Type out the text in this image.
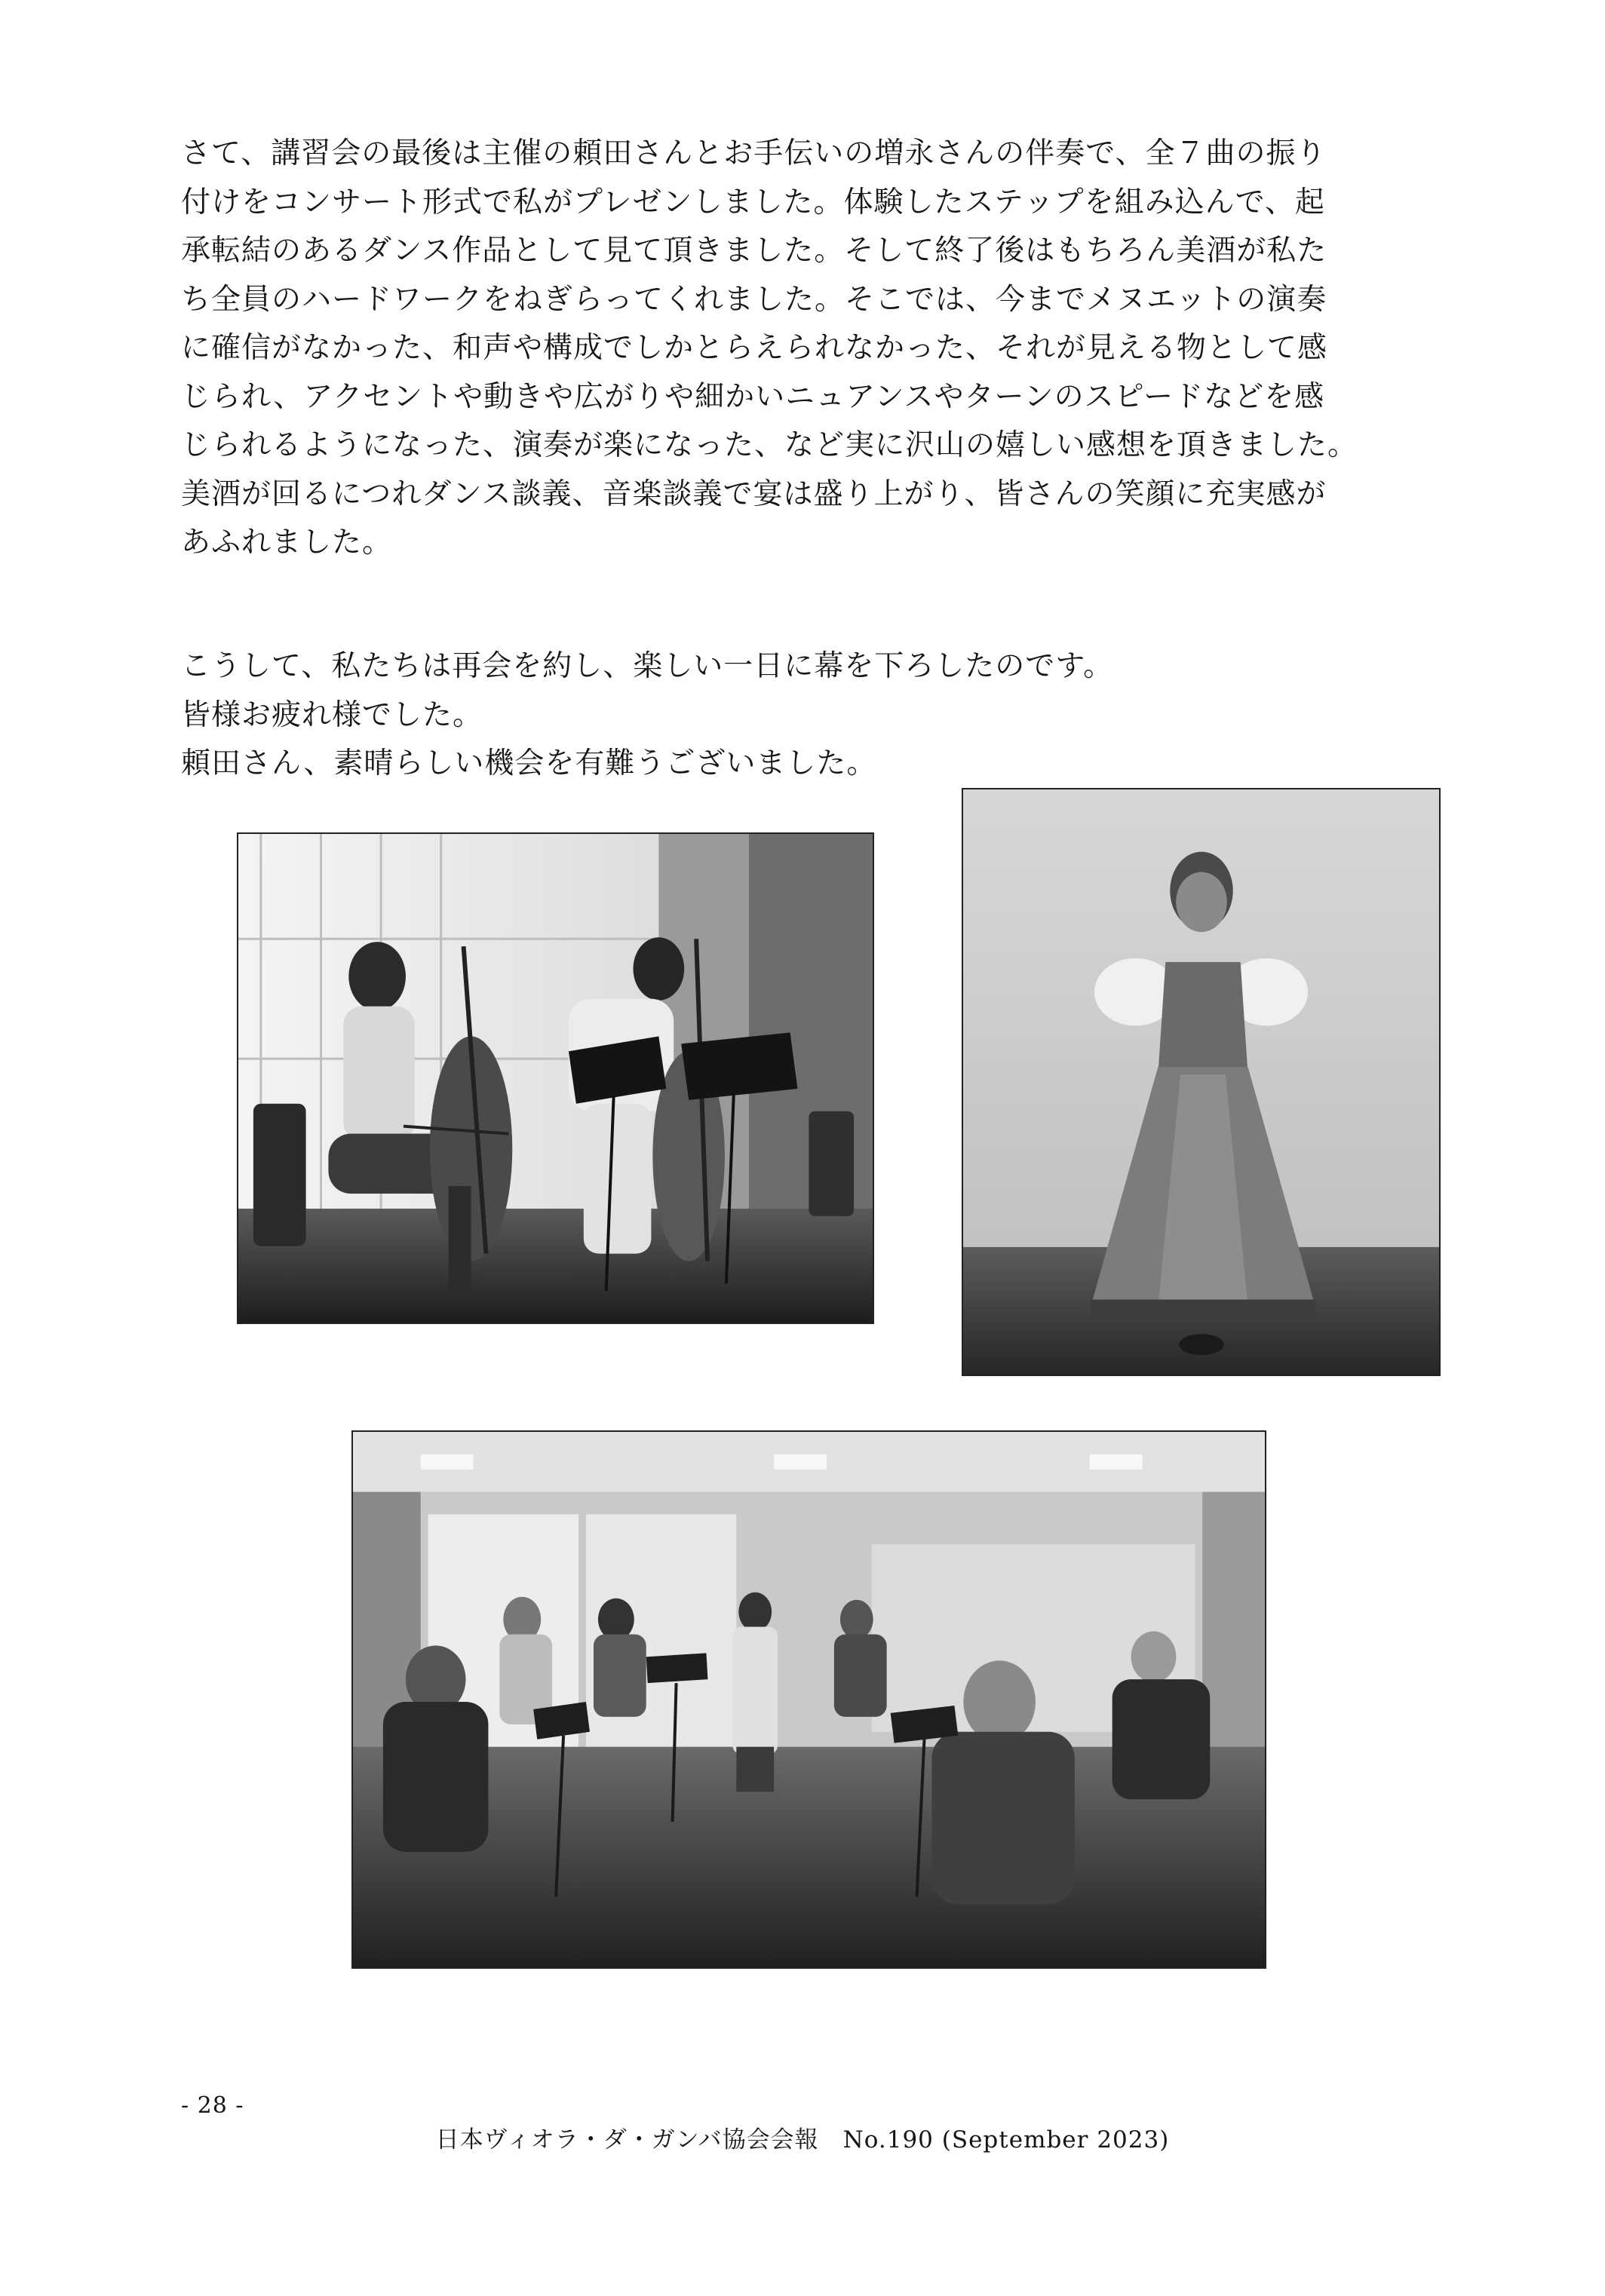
さて、講習会の最後は主催の頼田さんとお手伝いの増永さんの伴奏で、全７曲の振り
付けをコンサート形式で私がプレゼンしました。体験したステップを組み込んで、起
承転結のあるダンス作品として見て頂きました。そして終了後はもちろん美酒が私た
ち全員のハードワークをねぎらってくれました。そこでは、今までメヌエットの演奏
に確信がなかった、和声や構成でしかとらえられなかった、それが見える物として感
じられ、アクセントや動きや広がりや細かいニュアンスやターンのスピードなどを感
じられるようになった、演奏が楽になった、など実に沢山の嬉しい感想を頂きました。
美酒が回るにつれダンス談義、音楽談義で宴は盛り上がり、皆さんの笑顔に充実感が
あふれました。
こうして、私たちは再会を約し、楽しい一日に幕を下ろしたのです。
皆様お疲れ様でした。
頼田さん、素晴らしい機会を有難うございました。
- 28 -
日本ヴィオラ・ダ・ガンバ協会会報　No.190 (September 2023)
